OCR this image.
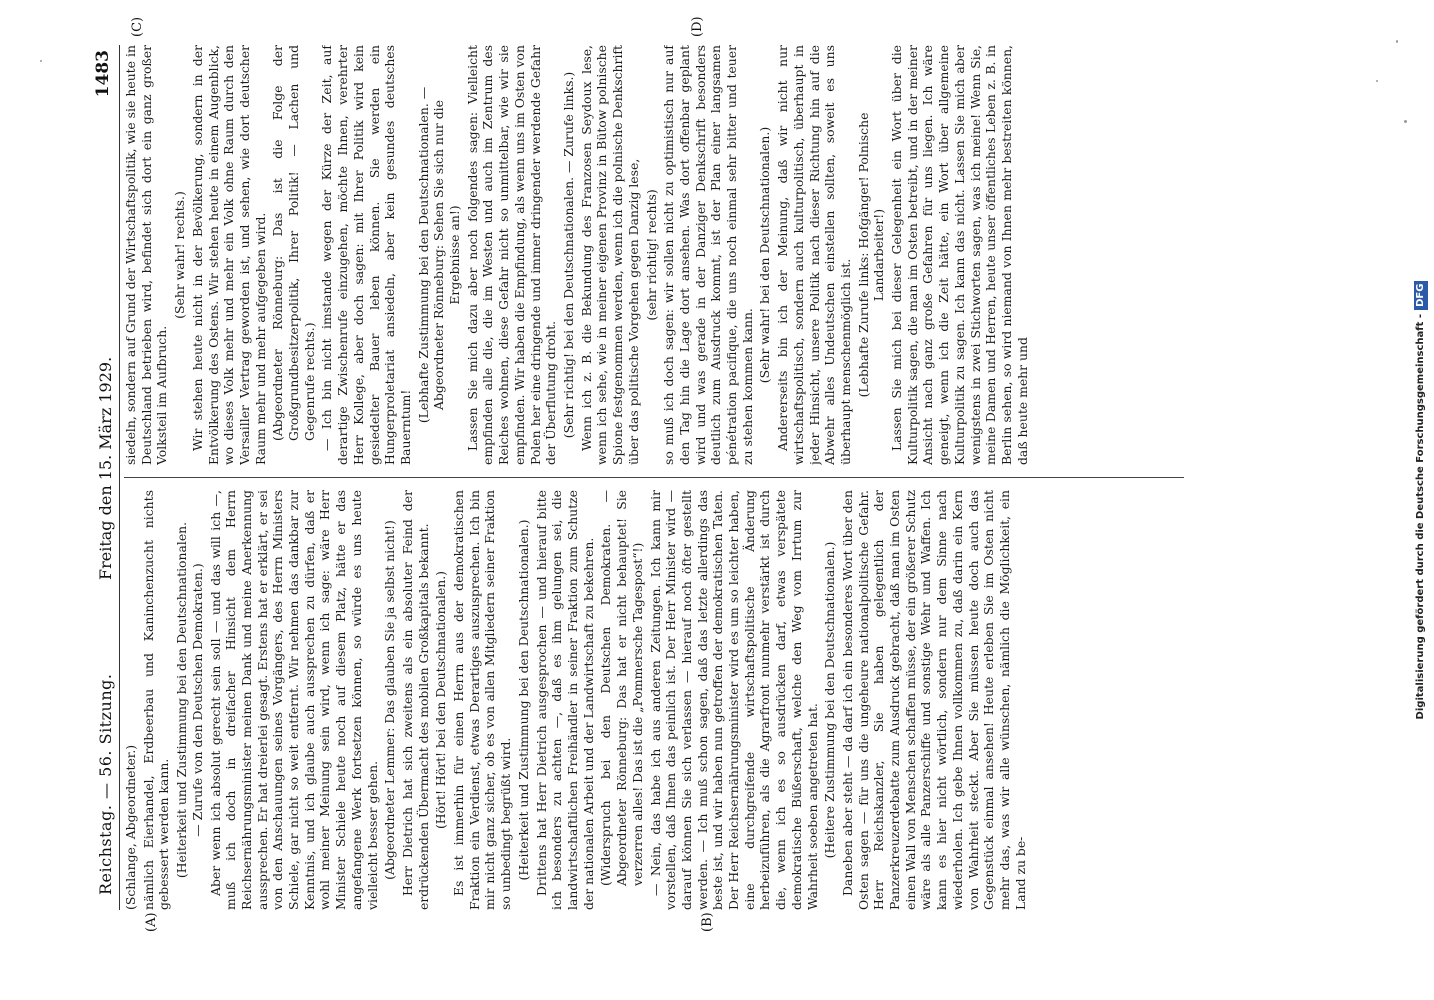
Reichstag. — 56. Sitzung.
Freitag den 15. März 1929.
1483
(A)	(B)
(C)	(D)

(Schlange, Abgeordneter.) nämlich Eierhandel, Erdbeerbau und Kaninchenzucht nichts gebessert werden kann. (Heiterkeit und Zustimmung bei den Deutschnationalen. — Zurufe von den Deutschen Demokraten.) Aber wenn ich absolut gerecht sein soll — und das will ich —, muß ich doch in dreifacher Hinsicht dem Herrn Reichsernährungsminister meinen Dank und meine Anerkennung aussprechen. Er hat dreierlei gesagt. Erstens hat er erklärt, er sei von den Anschauungen seines Vorgängers, des Herrn Ministers Schiele, gar nicht so weit entfernt. Wir nehmen das dankbar zur Kenntnis, und ich glaube auch aussprechen zu dürfen, daß er wohl meiner Meinung sein wird, wenn ich sage: wäre Herr Minister Schiele heute noch auf diesem Platz, hätte er das angefangene Werk fortsetzen können, so würde es uns heute vielleicht besser gehen. (Abgeordneter Lemmer: Das glauben Sie ja selbst nicht!) Herr Dietrich hat sich zweitens als ein absoluter Feind der erdrückenden Übermacht des mobilen Großkapitals bekannt. (Hört! Hört! bei den Deutschnationalen.) Es ist immerhin für einen Herrn aus der demokratischen Fraktion ein Verdienst, etwas Derartiges auszusprechen. Ich bin mir nicht ganz sicher, ob es von allen Mitgliedern seiner Fraktion so unbedingt begrüßt wird. (Heiterkeit und Zustimmung bei den Deutschnationalen.) Drittens hat Herr Dietrich ausgesprochen — und hierauf bitte ich besonders zu achten —, daß es ihm gelungen sei, die landwirtschaftlichen Freihändler in seiner Fraktion zum Schutze der nationalen Arbeit und der Landwirtschaft zu bekehren. (Widerspruch bei den Deutschen Demokraten. — Abgeordneter Rönneburg: Das hat er nicht behauptet! Sie verzerren alles! Das ist die „Pommersche Tagespost“!) — Nein, das habe ich aus anderen Zeitungen. Ich kann mir vorstellen, daß Ihnen das peinlich ist. Der Herr Minister wird — darauf können Sie sich verlassen — hierauf noch öfter gestellt werden. — Ich muß schon sagen, daß das letzte allerdings das beste ist, und wir haben nun getroffen der demokratischen Taten. Der Herr Reichsernährungsminister wird es um so leichter haben, eine durchgreifende wirtschaftspolitische Änderung herbeizuführen, als die Agrarfront nunmehr verstärkt ist durch die, wenn ich es so ausdrücken darf, etwas verspätete demokratische Büßerschaft, welche den Weg vom Irrtum zur Wahrheit soeben angetreten hat. (Heitere Zustimmung bei den Deutschnationalen.) Daneben aber steht — da darf ich ein besonderes Wort über den Osten sagen — für uns die ungeheure nationalpolitische Gefahr. Herr Reichskanzler, Sie haben gelegentlich der Panzerkreuzerdebatte zum Ausdruck gebracht, daß man im Osten einen Wall von Menschen schaffen müsse, der ein größerer Schutz wäre als alle Panzerschiffe und sonstige Wehr und Waffen. Ich kann es hier nicht wörtlich, sondern nur dem Sinne nach wiederholen. Ich gebe Ihnen vollkommen zu, daß darin ein Kern von Wahrheit steckt. Aber Sie müssen heute doch auch das Gegenstück einmal ansehen! Heute erleben Sie im Osten nicht mehr das, was wir alle wünschen, nämlich die Möglichkeit, ein Land zu be-

siedeln, sondern auf Grund der Wirtschaftspolitik, wie sie heute in Deutschland betrieben wird, befindet sich dort ein ganz großer Volksteil im Aufbruch.

(Sehr wahr! rechts.) Wir stehen heute nicht in der Bevölkerung, sondern in der Entvölkerung des Ostens. Wir stehen heute in einem Augenblick, wo dieses Volk mehr und mehr ein Volk ohne Raum durch den Versailler Vertrag geworden ist, und sehen, wie dort deutscher Raum mehr und mehr aufgegeben wird. (Abgeordneter Rönneburg: Das ist die Folge der Großgrundbesitzerpolitik, Ihrer Politik! — Lachen und Gegenrufe rechts.) — Ich bin nicht imstande wegen der Kürze der Zeit, auf derartige Zwischenrufe einzugehen, möchte Ihnen, verehrter Herr Kollege, aber doch sagen: mit Ihrer Politik wird kein gesiedelter Bauer leben können. Sie werden ein Hungerproletariat ansiedeln, aber kein gesundes deutsches Bauerntum!

(Lebhafte Zustimmung bei den Deutschnationalen. — Abgeordneter Rönneburg: Sehen Sie sich nur die Ergebnisse an!) Lassen Sie mich dazu aber noch folgendes sagen: Vielleicht empfinden alle die, die im Westen und auch im Zentrum des Reiches wohnen, diese Gefahr nicht so unmittelbar, wie wir sie empfinden. Wir haben die Empfindung, als wenn uns im Osten von Polen her eine dringende und immer dringender werdende Gefahr der Überflutung droht. (Sehr richtig! bei den Deutschnationalen. — Zurufe links.) Wenn ich z. B. die Bekundung des Franzosen Seydoux lese, wenn ich sehe, wie in meiner eigenen Provinz in Bütow polnische Spione festgenommen werden, wenn ich die polnische Denkschrift über das politische Vorgehen gegen Danzig lese, (sehr richtig! rechts) so muß ich doch sagen: wir sollen nicht zu optimistisch nur auf den Tag hin die Lage dort ansehen. Was dort offenbar geplant wird und was gerade in der Danziger Denkschrift besonders deutlich zum Ausdruck kommt, ist der Plan einer langsamen pénétration pacifique, die uns noch einmal sehr bitter und teuer zu stehen kommen kann.

(Sehr wahr! bei den Deutschnationalen.) Andererseits bin ich der Meinung, daß wir nicht nur wirtschaftspolitisch, sondern auch kulturpolitisch, überhaupt in jeder Hinsicht, unsere Politik nach dieser Richtung hin auf die Abwehr alles Undeutschen einstellen sollten, soweit es uns überhaupt menschenmöglich ist. (Lebhafte Zurufe links: Hofgänger! Polnische Landarbeiter!) Lassen Sie mich bei dieser Gelegenheit ein Wort über die Kulturpolitik sagen, die man im Osten betreibt, und in der meiner Ansicht nach ganz große Gefahren für uns liegen. Ich wäre geneigt, wenn ich die Zeit hätte, ein Wort über allgemeine Kulturpolitik zu sagen. Ich kann das nicht. Lassen Sie mich aber wenigstens in zwei Stichworten sagen, was ich meine! Wenn Sie, meine Damen und Herren, heute unser öffentliches Leben z. B. in Berlin sehen, so wird niemand von Ihnen mehr bestreiten können, daß heute mehr und	Digitalisierung gefördert durch die Deutsche Forschungsgemeinschaft -DFG
